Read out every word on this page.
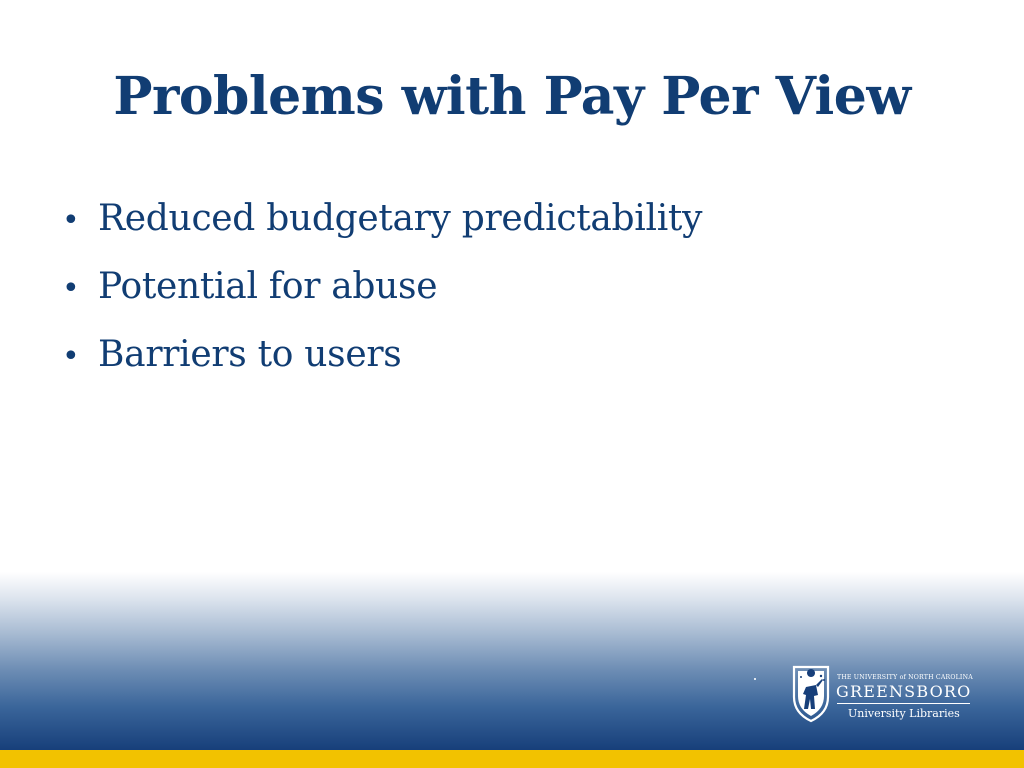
Problems with Pay Per View
• Reduced budgetary predictability
• Potential for abuse
• Barriers to users
THE UNIVERSITY of NORTH CAROLINA
GREENSBORO
University Libraries
